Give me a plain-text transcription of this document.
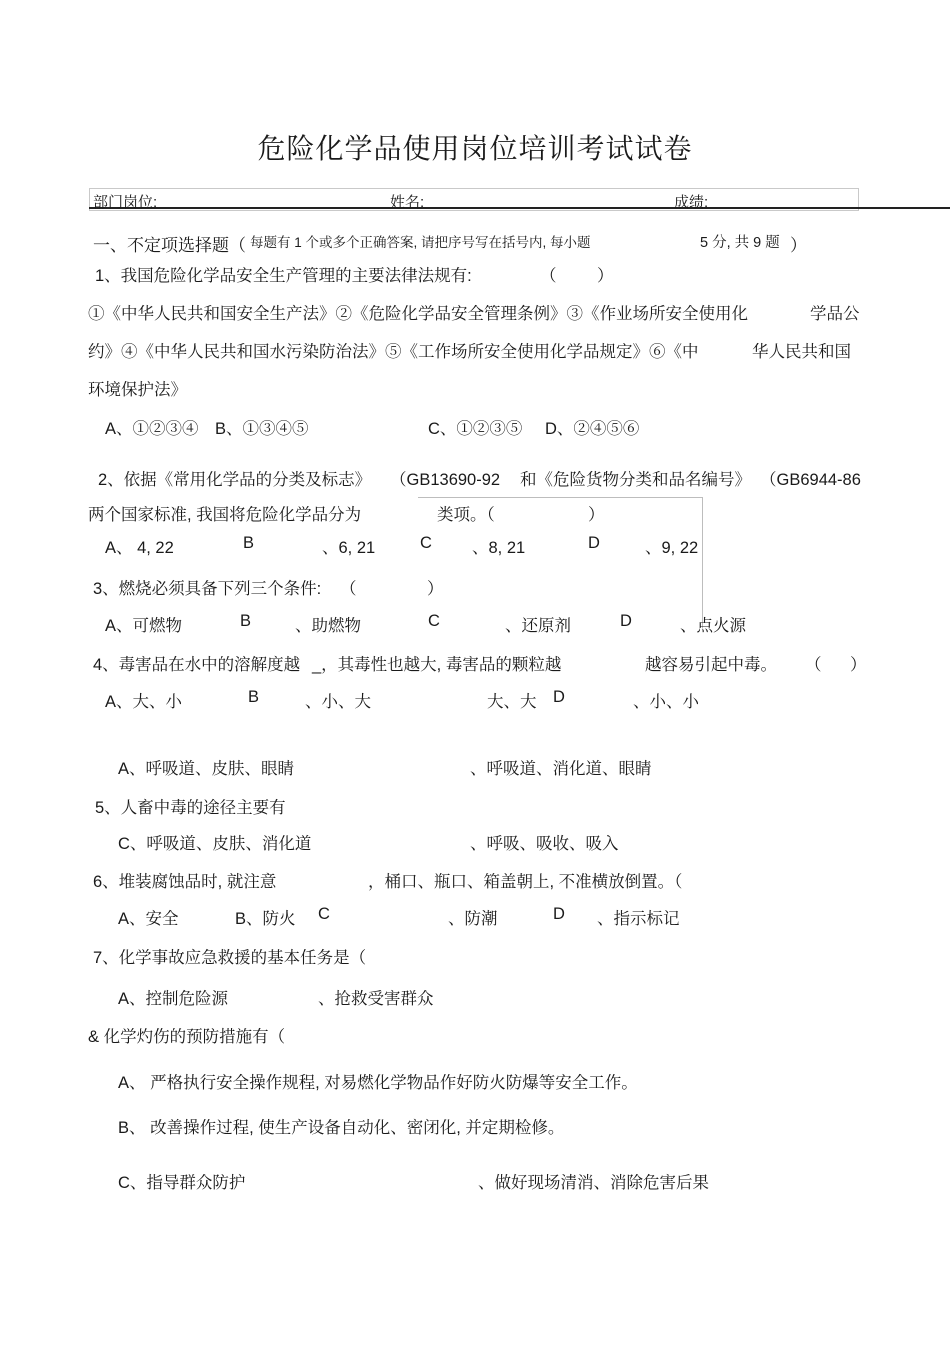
危险化学品使用岗位培训考试试卷
部门岗位:	姓名:	成绩:
一、不定项选择题（ 每题有 1 个或多个正确答案, 请把序号写在括号内, 每小题	5 分, 共 9 题 ）
1、我国危险化学品安全生产管理的主要法律法规有:	（ ）
①《中华人民共和国安全生产法》②《危险化学品安全管理条例》③《作业场所安全使用化	学品公
约》④《中华人民共和国水污染防治法》⑤《工作场所安全使用化学品规定》⑥《中	华人民共和国
环境保护法》
A、①②③④ B、①③④⑤	C、①②③⑤ D、②④⑤⑥
2、依据《常用化学品的分类及标志》 （GB13690-92 和《危险货物分类和品名编号》 （GB6944-86
两个国家标准, 我国将危险化学品分为	类项。（	）
A、 4, 22	B	、6, 21	C 、8, 21	D	、9, 22
3、燃烧必须具备下列三个条件: （	）
A、可燃物	B	、助燃物	C	、还原剂	D	、点火源
4、毒害品在水中的溶解度越 _，其毒性也越大, 毒害品的颗粒越	越容易引起中毒。 （ ）
A、大、小	B	、小、大	大、大 D	、小、小
A、呼吸道、皮肤、眼睛	、呼吸道、消化道、眼睛
5、人畜中毒的途径主要有
C、呼吸道、皮肤、消化道	、呼吸、吸收、吸入
6、堆装腐蚀品时, 就注意	，桶口、瓶口、箱盖朝上, 不准横放倒置。（
A、安全	B、防火 C	、防潮	D 、指示标记
7、化学事故应急救援的基本任务是（
A、控制危险源	、抢救受害群众
& 化学灼伤的预防措施有（
A、 严格执行安全操作规程, 对易燃化学物品作好防火防爆等安全工作。
B、 改善操作过程, 使生产设备自动化、密闭化, 并定期检修。
C、指导群众防护	、做好现场清消、消除危害后果
